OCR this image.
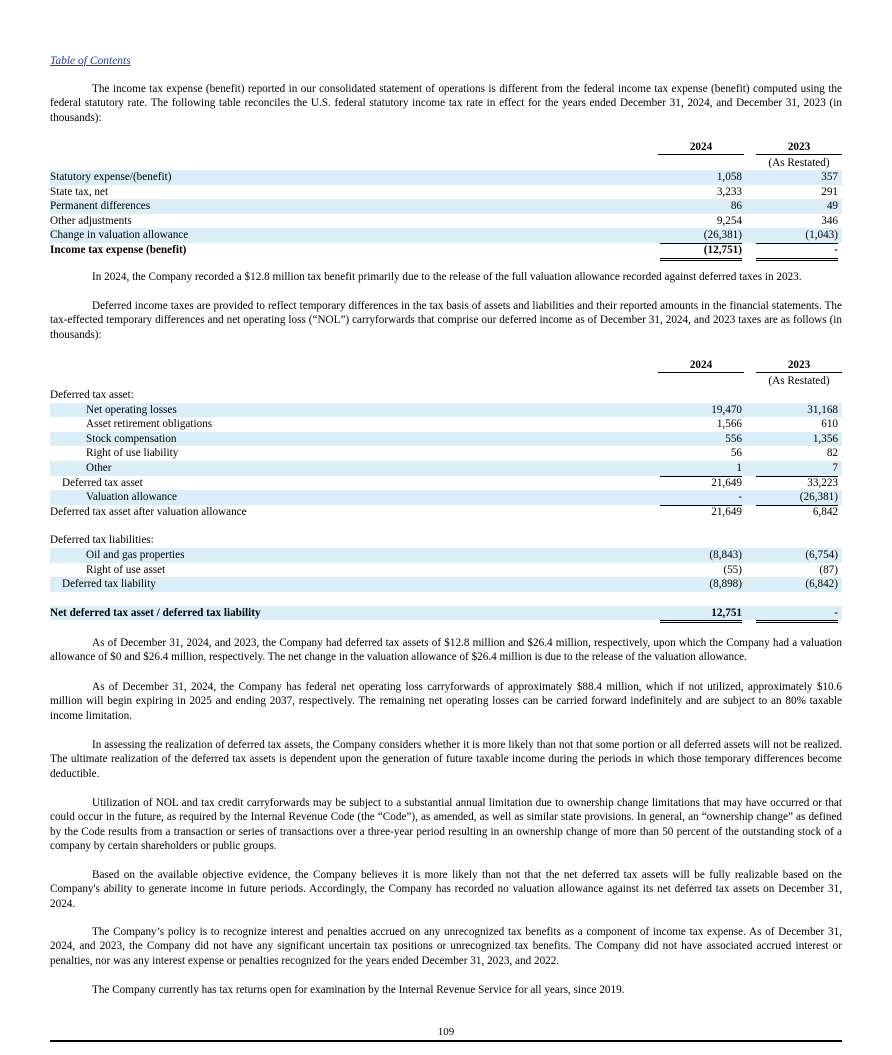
Table of Contents

The income tax expense (benefit) reported in our consolidated statement of operations is different from the federal income tax expense (benefit) computed using the federal statutory rate. The following table reconciles the U.S. federal statutory income tax rate in effect for the years ended December 31, 2024, and December 31, 2023 (in thousands):

2024	2023
(As Restated)
Statutory expense/(benefit)	1,058	357
State tax, net	3,233	291
Permanent differences	86	49
Other adjustments	9,254	346
Change in valuation allowance	(26,381)	(1,043)
Income tax expense (benefit)	(12,751)	-

In 2024, the Company recorded a $12.8 million tax benefit primarily due to the release of the full valuation allowance recorded against deferred taxes in 2023.

Deferred income taxes are provided to reflect temporary differences in the tax basis of assets and liabilities and their reported amounts in the financial statements. The tax-effected temporary differences and net operating loss (“NOL”) carryforwards that comprise our deferred income as of December 31, 2024, and 2023 taxes are as follows (in thousands):

2024	2023
(As Restated)
Deferred tax asset:
Net operating losses	19,470	31,168
Asset retirement obligations	1,566	610
Stock compensation	556	1,356
Right of use liability	56	82
Other	1	7
Deferred tax asset	21,649	33,223
Valuation allowance	-	(26,381)
Deferred tax asset after valuation allowance	21,649	6,842
Deferred tax liabilities:
Oil and gas properties	(8,843)	(6,754)
Right of use asset	(55)	(87)
Deferred tax liability	(8,898)	(6,842)
Net deferred tax asset / deferred tax liability	12,751	-

As of December 31, 2024, and 2023, the Company had deferred tax assets of $12.8 million and $26.4 million, respectively, upon which the Company had a valuation allowance of $0 and $26.4 million, respectively. The net change in the valuation allowance of $26.4 million is due to the release of the valuation allowance.

As of December 31, 2024, the Company has federal net operating loss carryforwards of approximately $88.4 million, which if not utilized, approximately $10.6 million will begin expiring in 2025 and ending 2037, respectively. The remaining net operating losses can be carried forward indefinitely and are subject to an 80% taxable income limitation.

In assessing the realization of deferred tax assets, the Company considers whether it is more likely than not that some portion or all deferred assets will not be realized. The ultimate realization of the deferred tax assets is dependent upon the generation of future taxable income during the periods in which those temporary differences become deductible.

Utilization of NOL and tax credit carryforwards may be subject to a substantial annual limitation due to ownership change limitations that may have occurred or that could occur in the future, as required by the Internal Revenue Code (the “Code”), as amended, as well as similar state provisions. In general, an “ownership change” as defined by the Code results from a transaction or series of transactions over a three-year period resulting in an ownership change of more than 50 percent of the outstanding stock of a company by certain shareholders or public groups.

Based on the available objective evidence, the Company believes it is more likely than not that the net deferred tax assets will be fully realizable based on the Company's ability to generate income in future periods. Accordingly, the Company has recorded no valuation allowance against its net deferred tax assets on December 31, 2024.

The Company’s policy is to recognize interest and penalties accrued on any unrecognized tax benefits as a component of income tax expense. As of December 31, 2024, and 2023, the Company did not have any significant uncertain tax positions or unrecognized tax benefits. The Company did not have associated accrued interest or penalties, nor was any interest expense or penalties recognized for the years ended December 31, 2023, and 2022.

The Company currently has tax returns open for examination by the Internal Revenue Service for all years, since 2019.

109
